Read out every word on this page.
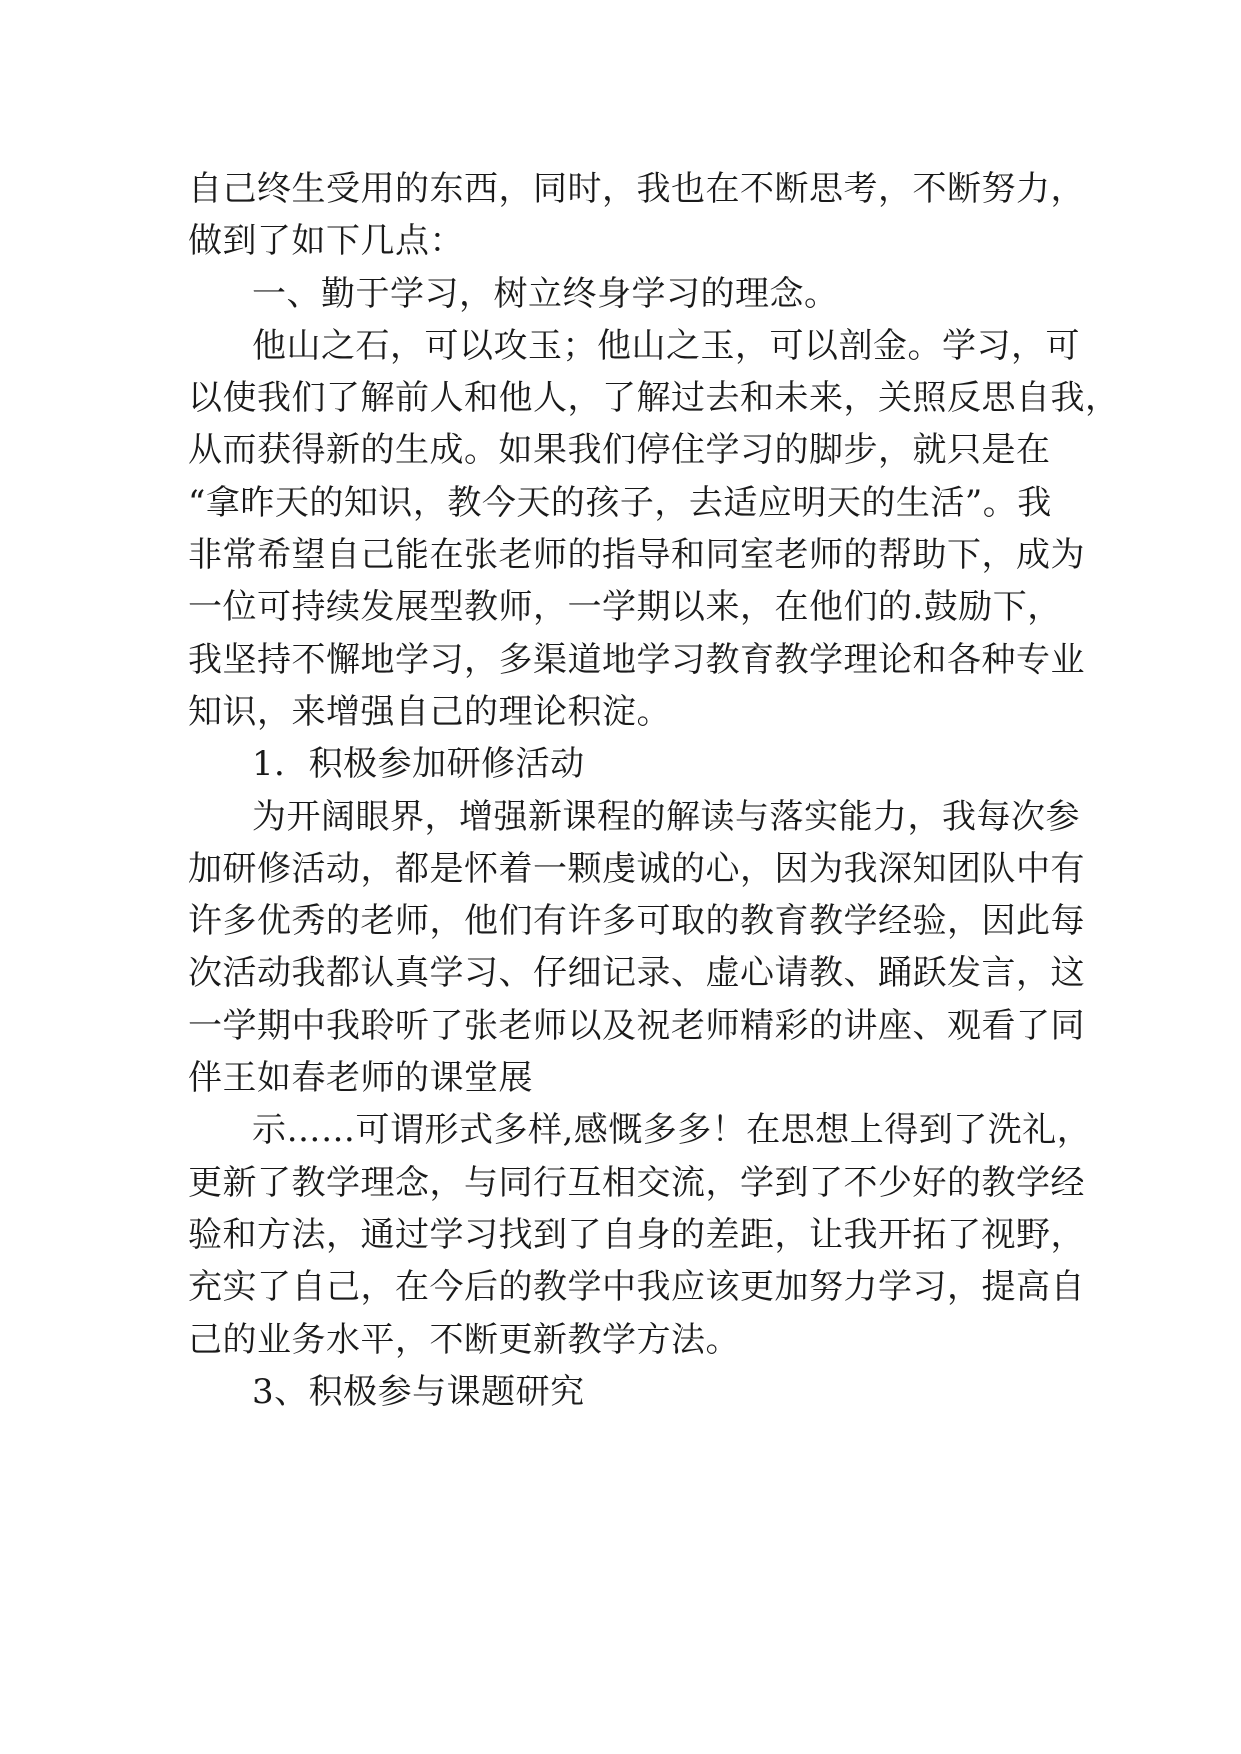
自己终生受用的东西，同时，我也在不断思考，不断努力，
做到了如下几点：
一、勤于学习，树立终身学习的理念。
他山之石，可以攻玉；他山之玉，可以剖金。学习，可
以使我们了解前人和他人，了解过去和未来，关照反思自我，
从而获得新的生成。如果我们停住学习的脚步，就只是在
“拿昨天的知识，教今天的孩子，去适应明天的生活”。我
非常希望自己能在张老师的指导和同室老师的帮助下，成为
一位可持续发展型教师，一学期以来，在他们的.鼓励下，
我坚持不懈地学习，多渠道地学习教育教学理论和各种专业
知识，来增强自己的理论积淀。
1．积极参加研修活动
为开阔眼界，增强新课程的解读与落实能力，我每次参
加研修活动，都是怀着一颗虔诚的心，因为我深知团队中有
许多优秀的老师，他们有许多可取的教育教学经验，因此每
次活动我都认真学习、仔细记录、虚心请教、踊跃发言，这
一学期中我聆听了张老师以及祝老师精彩的讲座、观看了同
伴王如春老师的课堂展
示……可谓形式多样,感慨多多！在思想上得到了洗礼，
更新了教学理念，与同行互相交流，学到了不少好的教学经
验和方法，通过学习找到了自身的差距，让我开拓了视野，
充实了自己，在今后的教学中我应该更加努力学习，提高自
己的业务水平，不断更新教学方法。
3、积极参与课题研究
